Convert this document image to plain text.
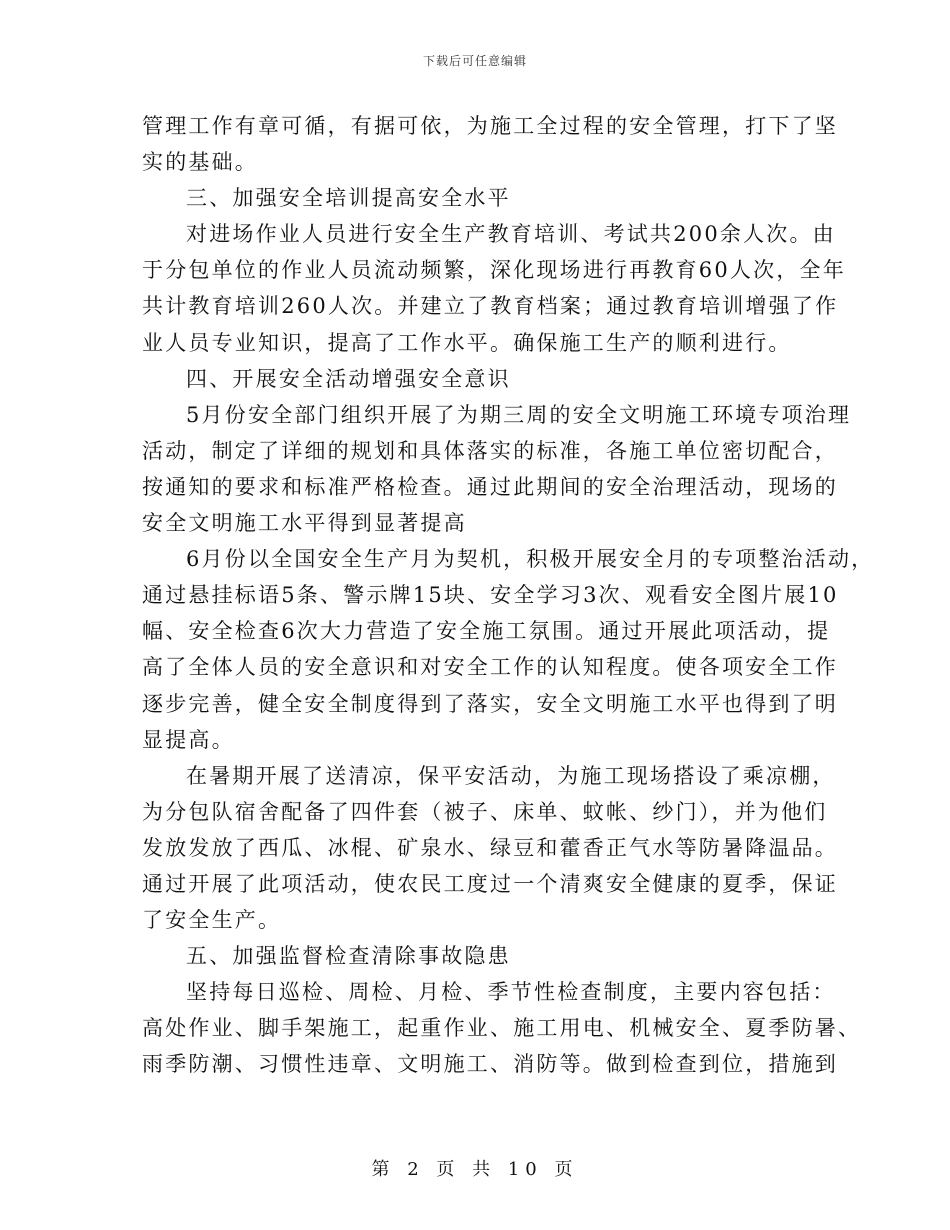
下载后可任意编辑
管理工作有章可循，有据可依，为施工全过程的安全管理，打下了坚
实的基础。
三、加强安全培训提高安全水平
对进场作业人员进行安全生产教育培训、考试共200余人次。由
于分包单位的作业人员流动频繁，深化现场进行再教育60人次，全年
共计教育培训260人次。并建立了教育档案；通过教育培训增强了作
业人员专业知识，提高了工作水平。确保施工生产的顺利进行。
四、开展安全活动增强安全意识
5月份安全部门组织开展了为期三周的安全文明施工环境专项治理
活动，制定了详细的规划和具体落实的标准，各施工单位密切配合，
按通知的要求和标准严格检查。通过此期间的安全治理活动，现场的
安全文明施工水平得到显著提高
6月份以全国安全生产月为契机，积极开展安全月的专项整治活动，
通过悬挂标语5条、警示牌15块、安全学习3次、观看安全图片展10
幅、安全检查6次大力营造了安全施工氛围。通过开展此项活动，提
高了全体人员的安全意识和对安全工作的认知程度。使各项安全工作
逐步完善，健全安全制度得到了落实，安全文明施工水平也得到了明
显提高。
在暑期开展了送清凉，保平安活动，为施工现场搭设了乘凉棚，
为分包队宿舍配备了四件套（被子、床单、蚊帐、纱门），并为他们
发放发放了西瓜、冰棍、矿泉水、绿豆和藿香正气水等防暑降温品。
通过开展了此项活动，使农民工度过一个清爽安全健康的夏季，保证
了安全生产。
五、加强监督检查清除事故隐患
坚持每日巡检、周检、月检、季节性检查制度，主要内容包括：
高处作业、脚手架施工，起重作业、施工用电、机械安全、夏季防暑、
雨季防潮、习惯性违章、文明施工、消防等。做到检查到位，措施到
第 2 页 共 10 页
